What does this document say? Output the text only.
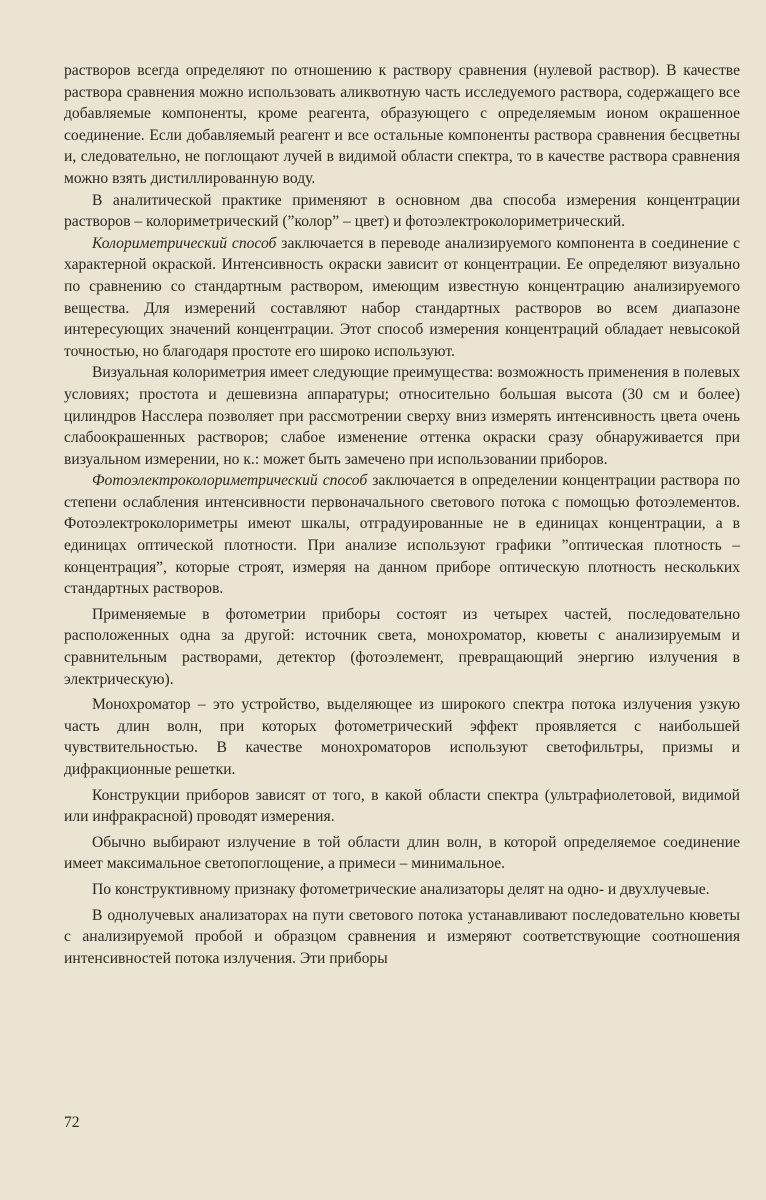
растворов всегда определяют по отношению к раствору сравнения (нулевой раствор). В качестве раствора сравнения можно использовать аликвотную часть исследуемого раствора, содержащего все добавляемые компоненты, кроме реагента, образующего с определяемым ионом окрашенное соединение. Если добавляемый реагент и все остальные компоненты раствора сравнения бесцветны и, следовательно, не поглощают лучей в видимой области спектра, то в качестве раствора сравнения можно взять дистиллированную воду.

В аналитической практике применяют в основном два способа измерения концентрации растворов – колориметрический (”колор” – цвет) и фотоэлектроколориметрический.

Колориметрический способ заключается в переводе анализируемого компонента в соединение с характерной окраской. Интенсивность окраски зависит от концентрации. Ее определяют визуально по сравнению со стандартным раствором, имеющим известную концентрацию анализируемого вещества. Для измерений составляют набор стандартных растворов во всем диапазоне интересующих значений концентрации. Этот способ измерения концентраций обладает невысокой точностью, но благодаря простоте его широко используют.

Визуальная колориметрия имеет следующие преимущества: возможность применения в полевых условиях; простота и дешевизна аппаратуры; относительно большая высота (30 см и более) цилиндров Насслера позволяет при рассмотрении сверху вниз измерять интенсивность цвета очень слабоокрашенных растворов; слабое изменение оттенка окраски сразу обнаруживается при визуальном измерении, но к.: может быть замечено при использовании приборов.

Фотоэлектроколориметрический способ заключается в определении концентрации раствора по степени ослабления интенсивности первоначального светового потока с помощью фотоэлементов. Фотоэлектроколориметры имеют шкалы, отградуированные не в единицах концентрации, а в единицах оптической плотности. При анализе используют графики ”оптическая плотность – концентрация”, которые строят, измеряя на данном приборе оптическую плотность нескольких стандартных растворов.

Применяемые в фотометрии приборы состоят из четырех частей, последовательно расположенных одна за другой: источник света, монохроматор, кюветы с анализируемым и сравнительным растворами, детектор (фотоэлемент, превращающий энергию излучения в электрическую).

Монохроматор – это устройство, выделяющее из широкого спектра потока излучения узкую часть длин волн, при которых фотометрический эффект проявляется с наибольшей чувствительностью. В качестве монохроматоров используют светофильтры, призмы и дифракционные решетки.

Конструкции приборов зависят от того, в какой области спектра (ультрафиолетовой, видимой или инфракрасной) проводят измерения.

Обычно выбирают излучение в той области длин волн, в которой определяемое соединение имеет максимальное светопоглощение, а примеси – минимальное.

По конструктивному признаку фотометрические анализаторы делят на одно- и двухлучевые.

В однолучевых анализаторах на пути светового потока устанавливают последовательно кюветы с анализируемой пробой и образцом сравнения и измеряют соответствующие соотношения интенсивностей потока излучения. Эти приборы

72
